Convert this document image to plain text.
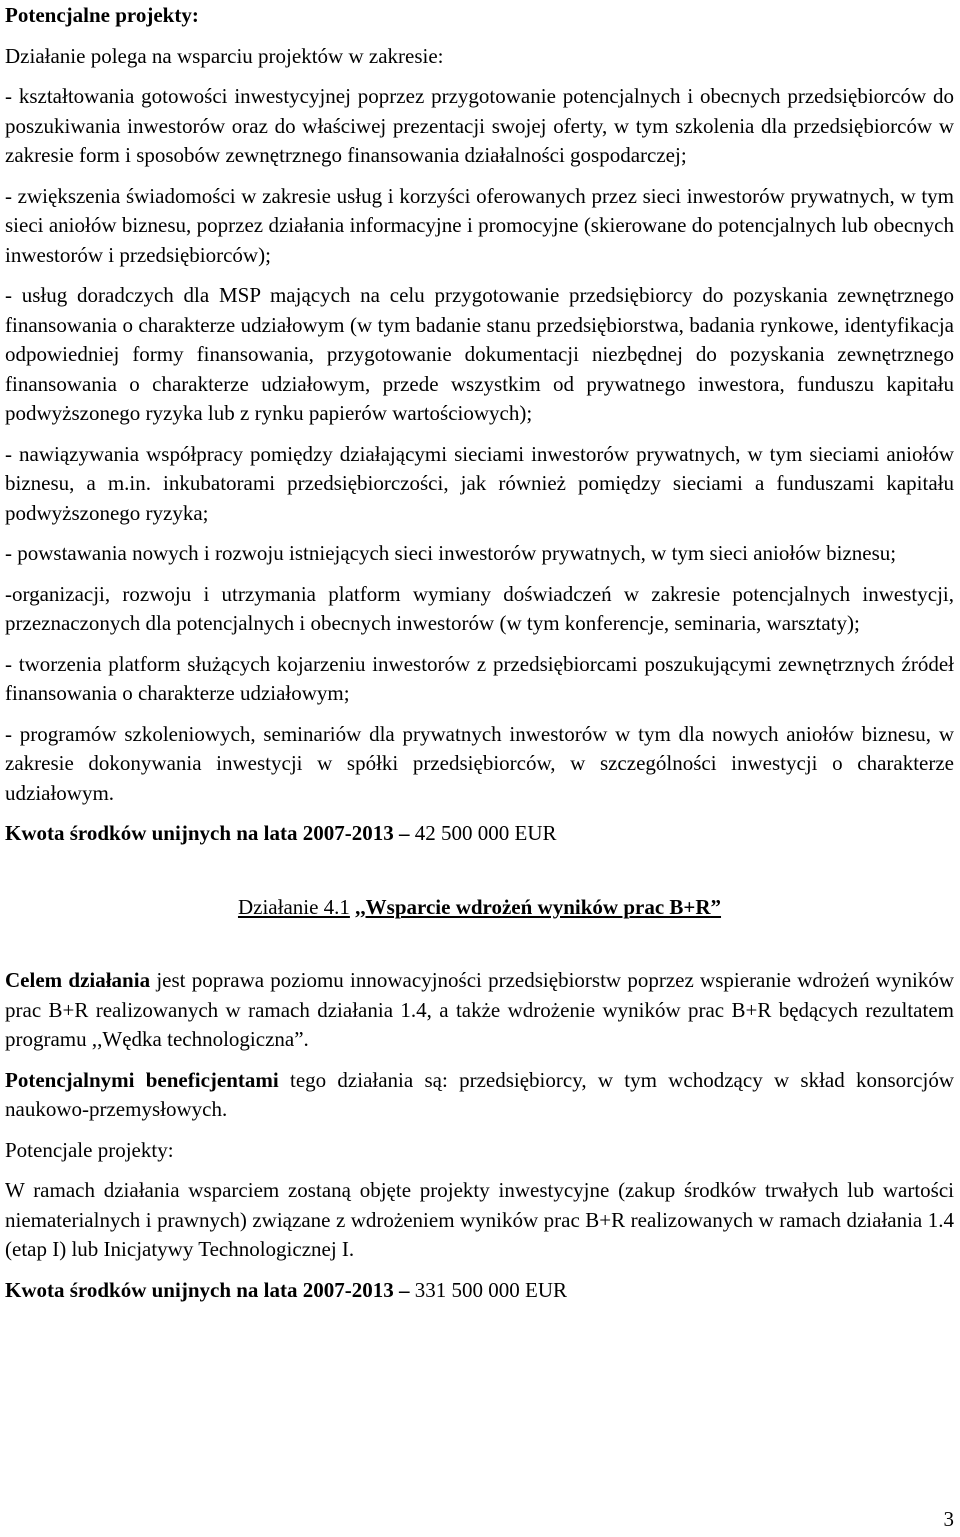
Potencjalne projekty:

Działanie polega na wsparciu projektów w zakresie:

- kształtowania gotowości inwestycyjnej poprzez przygotowanie potencjalnych i obecnych przedsiębiorców do poszukiwania inwestorów oraz do właściwej prezentacji swojej oferty, w tym szkolenia dla przedsiębiorców w zakresie form i sposobów zewnętrznego finansowania działalności gospodarczej;

- zwiększenia świadomości w zakresie usług i korzyści oferowanych przez sieci inwestorów prywatnych, w tym sieci aniołów biznesu, poprzez działania informacyjne i promocyjne (skierowane do potencjalnych lub obecnych inwestorów i przedsiębiorców);

- usług doradczych dla MSP mających na celu przygotowanie przedsiębiorcy do pozyskania zewnętrznego finansowania o charakterze udziałowym (w tym badanie stanu przedsiębiorstwa, badania rynkowe, identyfikacja odpowiedniej formy finansowania, przygotowanie dokumentacji niezbędnej do pozyskania zewnętrznego finansowania o charakterze udziałowym, przede wszystkim od prywatnego inwestora, funduszu kapitału podwyższonego ryzyka lub z rynku papierów wartościowych);

- nawiązywania współpracy pomiędzy działającymi sieciami inwestorów prywatnych, w tym sieciami aniołów biznesu, a m.in. inkubatorami przedsiębiorczości, jak również pomiędzy sieciami a funduszami kapitału podwyższonego ryzyka;

- powstawania nowych i rozwoju istniejących sieci inwestorów prywatnych, w tym sieci aniołów biznesu;

-organizacji, rozwoju i utrzymania platform wymiany doświadczeń w zakresie potencjalnych inwestycji, przeznaczonych dla potencjalnych i obecnych inwestorów (w tym konferencje, seminaria, warsztaty);

- tworzenia platform służących kojarzeniu inwestorów z przedsiębiorcami poszukującymi zewnętrznych źródeł finansowania o charakterze udziałowym;

- programów szkoleniowych, seminariów dla prywatnych inwestorów w tym dla nowych aniołów biznesu, w zakresie dokonywania inwestycji w spółki przedsiębiorców, w szczególności inwestycji o charakterze udziałowym.

Kwota środków unijnych na lata 2007-2013 – 42 500 000 EUR

Działanie 4.1 ,,Wsparcie wdrożeń wyników prac B+R”

Celem działania jest poprawa poziomu innowacyjności przedsiębiorstw poprzez wspieranie wdrożeń wyników prac B+R realizowanych w ramach działania 1.4, a także wdrożenie wyników prac B+R będących rezultatem programu ,,Wędka technologiczna”.

Potencjalnymi beneficjentami tego działania są: przedsiębiorcy, w tym wchodzący w skład konsorcjów naukowo-przemysłowych.

Potencjale projekty:

W ramach działania wsparciem zostaną objęte projekty inwestycyjne (zakup środków trwałych lub wartości niematerialnych i prawnych) związane z wdrożeniem wyników prac B+R realizowanych w ramach działania 1.4 (etap I) lub Inicjatywy Technologicznej I.

Kwota środków unijnych na lata 2007-2013 – 331 500 000 EUR

3
